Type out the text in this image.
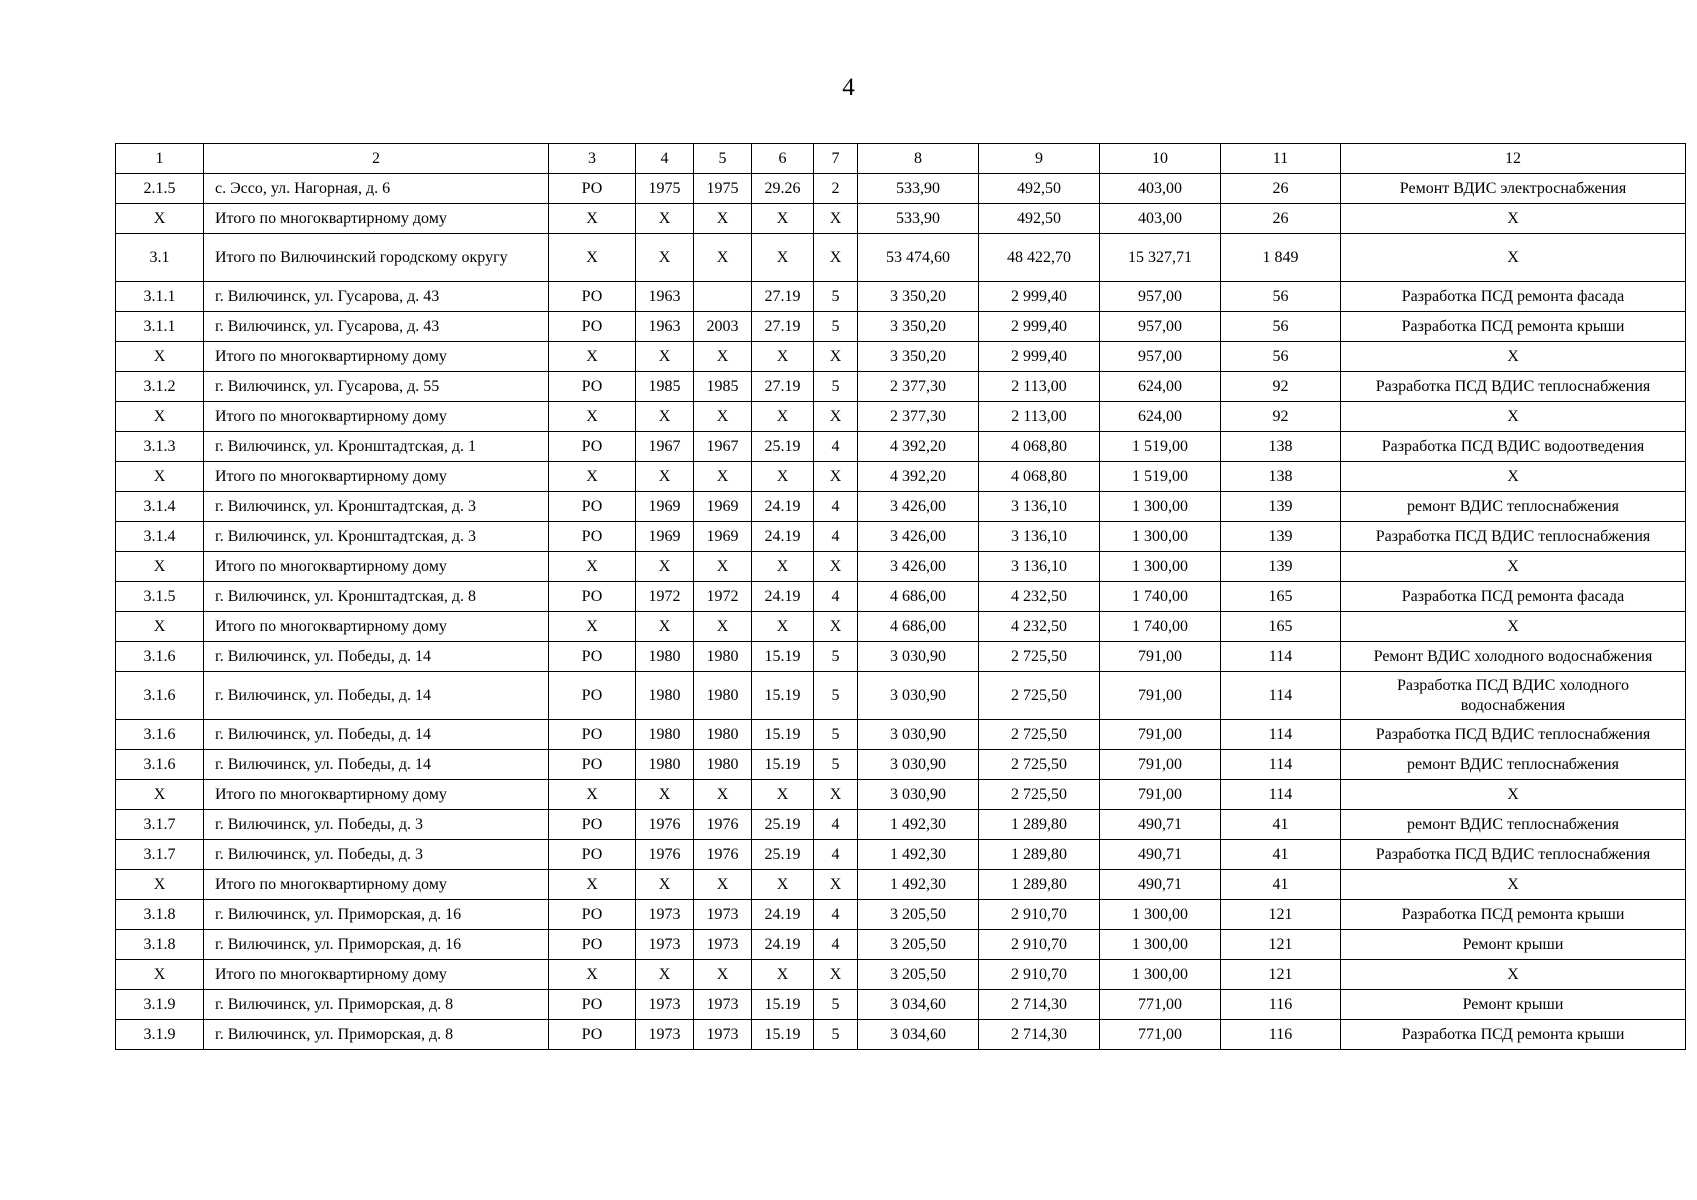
4
1	2	3	4	5	6	7	8	9	10	11	12
2.1.5	с. Эссо, ул. Нагорная, д. 6	РО	1975	1975	29.26	2	533,90	492,50	403,00	26	Ремонт ВДИС электроснабжения
Х	Итого по многоквартирному дому	Х	Х	Х	Х	Х	533,90	492,50	403,00	26	Х
3.1	Итого по Вилючинский городскому округу	Х	Х	Х	Х	Х	53 474,60	48 422,70	15 327,71	1 849	Х
3.1.1	г. Вилючинск, ул. Гусарова, д. 43	РО	1963		27.19	5	3 350,20	2 999,40	957,00	56	Разработка ПСД ремонта фасада
3.1.1	г. Вилючинск, ул. Гусарова, д. 43	РО	1963	2003	27.19	5	3 350,20	2 999,40	957,00	56	Разработка ПСД ремонта крыши
Х	Итого по многоквартирному дому	Х	Х	Х	Х	Х	3 350,20	2 999,40	957,00	56	Х
3.1.2	г. Вилючинск, ул. Гусарова, д. 55	РО	1985	1985	27.19	5	2 377,30	2 113,00	624,00	92	Разработка ПСД ВДИС теплоснабжения
Х	Итого по многоквартирному дому	Х	Х	Х	Х	Х	2 377,30	2 113,00	624,00	92	Х
3.1.3	г. Вилючинск, ул. Кронштадтская, д. 1	РО	1967	1967	25.19	4	4 392,20	4 068,80	1 519,00	138	Разработка ПСД ВДИС водоотведения
Х	Итого по многоквартирному дому	Х	Х	Х	Х	Х	4 392,20	4 068,80	1 519,00	138	Х
3.1.4	г. Вилючинск, ул. Кронштадтская, д. 3	РО	1969	1969	24.19	4	3 426,00	3 136,10	1 300,00	139	ремонт ВДИС теплоснабжения
3.1.4	г. Вилючинск, ул. Кронштадтская, д. 3	РО	1969	1969	24.19	4	3 426,00	3 136,10	1 300,00	139	Разработка ПСД ВДИС теплоснабжения
Х	Итого по многоквартирному дому	Х	Х	Х	Х	Х	3 426,00	3 136,10	1 300,00	139	Х
3.1.5	г. Вилючинск, ул. Кронштадтская, д. 8	РО	1972	1972	24.19	4	4 686,00	4 232,50	1 740,00	165	Разработка ПСД ремонта фасада
Х	Итого по многоквартирному дому	Х	Х	Х	Х	Х	4 686,00	4 232,50	1 740,00	165	Х
3.1.6	г. Вилючинск, ул. Победы, д. 14	РО	1980	1980	15.19	5	3 030,90	2 725,50	791,00	114	Ремонт ВДИС холодного водоснабжения
3.1.6	г. Вилючинск, ул. Победы, д. 14	РО	1980	1980	15.19	5	3 030,90	2 725,50	791,00	114	Разработка ПСД ВДИС холодного водоснабжения
3.1.6	г. Вилючинск, ул. Победы, д. 14	РО	1980	1980	15.19	5	3 030,90	2 725,50	791,00	114	Разработка ПСД ВДИС теплоснабжения
3.1.6	г. Вилючинск, ул. Победы, д. 14	РО	1980	1980	15.19	5	3 030,90	2 725,50	791,00	114	ремонт ВДИС теплоснабжения
Х	Итого по многоквартирному дому	Х	Х	Х	Х	Х	3 030,90	2 725,50	791,00	114	Х
3.1.7	г. Вилючинск, ул. Победы, д. 3	РО	1976	1976	25.19	4	1 492,30	1 289,80	490,71	41	ремонт ВДИС теплоснабжения
3.1.7	г. Вилючинск, ул. Победы, д. 3	РО	1976	1976	25.19	4	1 492,30	1 289,80	490,71	41	Разработка ПСД ВДИС теплоснабжения
Х	Итого по многоквартирному дому	Х	Х	Х	Х	Х	1 492,30	1 289,80	490,71	41	Х
3.1.8	г. Вилючинск, ул. Приморская, д. 16	РО	1973	1973	24.19	4	3 205,50	2 910,70	1 300,00	121	Разработка ПСД ремонта крыши
3.1.8	г. Вилючинск, ул. Приморская, д. 16	РО	1973	1973	24.19	4	3 205,50	2 910,70	1 300,00	121	Ремонт крыши
Х	Итого по многоквартирному дому	Х	Х	Х	Х	Х	3 205,50	2 910,70	1 300,00	121	Х
3.1.9	г. Вилючинск, ул. Приморская, д. 8	РО	1973	1973	15.19	5	3 034,60	2 714,30	771,00	116	Ремонт крыши
3.1.9	г. Вилючинск, ул. Приморская, д. 8	РО	1973	1973	15.19	5	3 034,60	2 714,30	771,00	116	Разработка ПСД ремонта крыши
